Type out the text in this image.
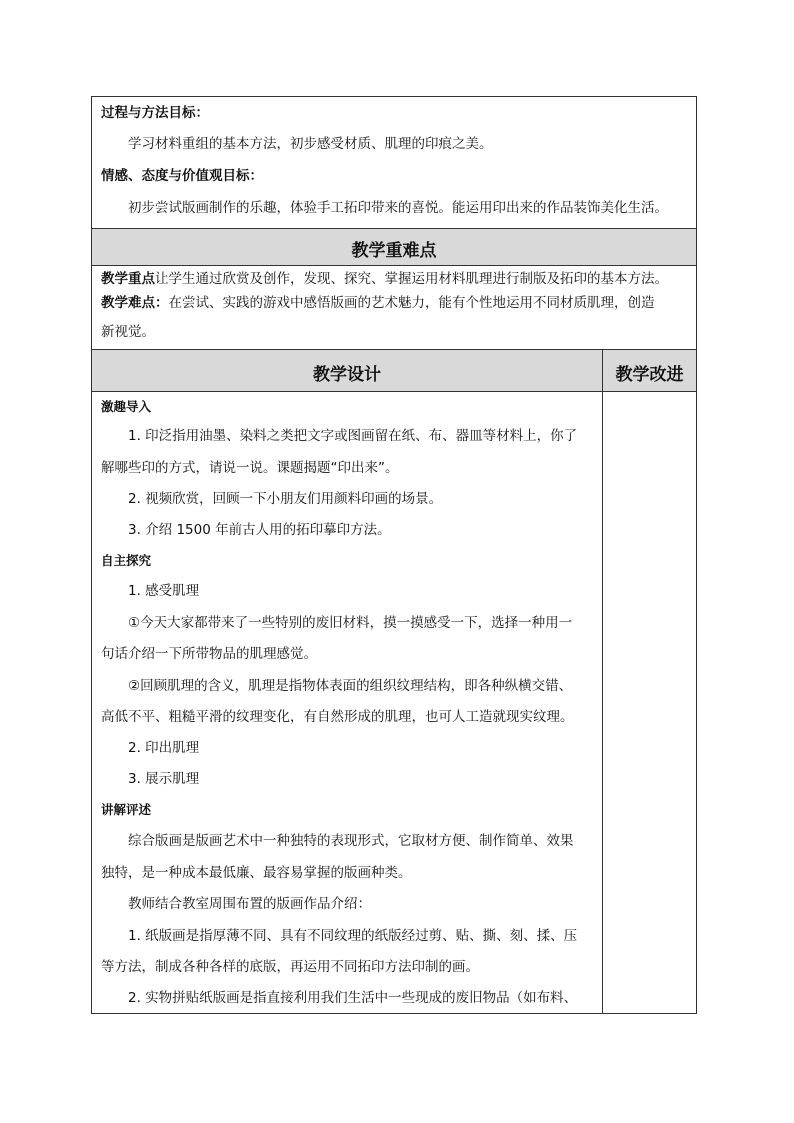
过程与方法目标：
学习材料重组的基本方法，初步感受材质、肌理的印痕之美。
情感、态度与价值观目标：
初步尝试版画制作的乐趣，体验手工拓印带来的喜悦。能运用印出来的作品装饰美化生活。
教学重难点
教学重点让学生通过欣赏及创作，发现、探究、掌握运用材料肌理进行制版及拓印的基本方法。
教学难点：在尝试、实践的游戏中感悟版画的艺术魅力，能有个性地运用不同材质肌理，创造
新视觉。
教学设计	教学改进
激趣导入
1. 印泛指用油墨、染料之类把文字或图画留在纸、布、器皿等材料上，你了
解哪些印的方式，请说一说。课题揭题“印出来”。
2. 视频欣赏，回顾一下小朋友们用颜料印画的场景。
3. 介绍 1500 年前古人用的拓印摹印方法。
自主探究
1. 感受肌理
①今天大家都带来了一些特别的废旧材料，摸一摸感受一下，选择一种用一
句话介绍一下所带物品的肌理感觉。
②回顾肌理的含义，肌理是指物体表面的组织纹理结构，即各种纵横交错、
高低不平、粗糙平滑的纹理变化，有自然形成的肌理，也可人工造就现实纹理。
2. 印出肌理
3. 展示肌理
讲解评述
综合版画是版画艺术中一种独特的表现形式，它取材方便、制作简单、效果
独特，是一种成本最低廉、最容易掌握的版画种类。
教师结合教室周围布置的版画作品介绍：
1. 纸版画是指厚薄不同、具有不同纹理的纸版经过剪、贴、撕、刻、揉、压
等方法，制成各种各样的底版，再运用不同拓印方法印制的画。
2. 实物拼贴纸版画是指直接利用我们生活中一些现成的废旧物品（如布料、
